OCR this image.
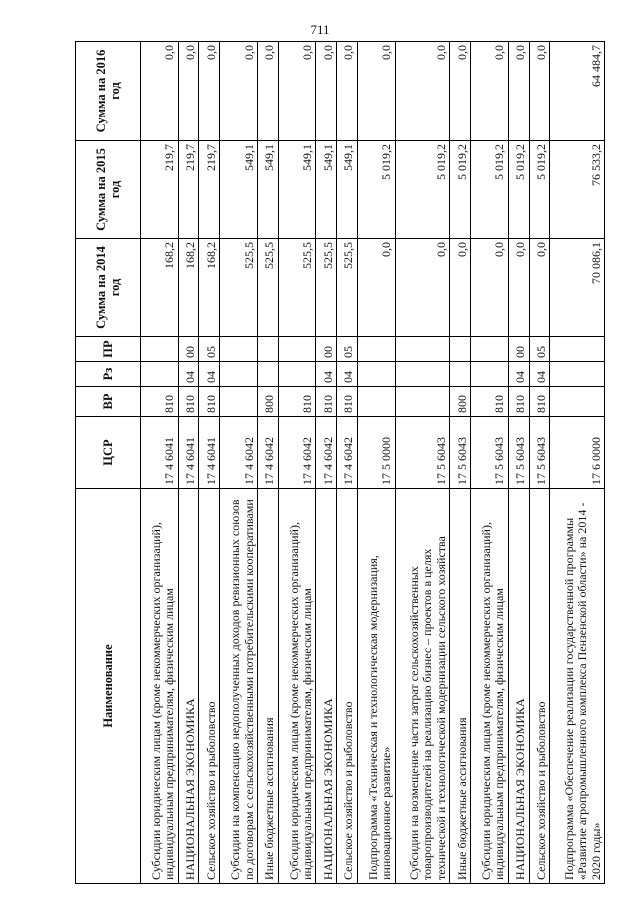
711
Наименование	ЦСР	ВР	Рз	ПР	Сумма на 2014 год	Сумма на 2015 год	Сумма на 2016 год
Субсидии юридическим лицам (кроме некоммерческих организаций), индивидуальным предпринимателям, физическим лицам	17 4 6041	810			168,2	219,7	0,0
НАЦИОНАЛЬНАЯ ЭКОНОМИКА	17 4 6041	810	04	00	168,2	219,7	0,0
Сельское хозяйство и рыболовство	17 4 6041	810	04	05	168,2	219,7	0,0
Субсидии на компенсацию недополученных доходов ревизионных союзов по договорам с сельскохозяйственными потребительскими кооперативами	17 4 6042				525,5	549,1	0,0
Иные бюджетные ассигнования	17 4 6042	800			525,5	549,1	0,0
Субсидии юридическим лицам (кроме некоммерческих организаций), индивидуальным предпринимателям, физическим лицам	17 4 6042	810			525,5	549,1	0,0
НАЦИОНАЛЬНАЯ ЭКОНОМИКА	17 4 6042	810	04	00	525,5	549,1	0,0
Сельское хозяйство и рыболовство	17 4 6042	810	04	05	525,5	549,1	0,0
Подпрограмма «Техническая и технологическая модернизация, инновационное развитие»	17 5 0000				0,0	5 019,2	0,0
Субсидии на возмещение части затрат сельскохозяйственных товаропроизводителей на реализацию бизнес – проектов в целях технической и технологической модернизации сельского хозяйства	17 5 6043				0,0	5 019,2	0,0
Иные бюджетные ассигнования	17 5 6043	800			0,0	5 019,2	0,0
Субсидии юридическим лицам (кроме некоммерческих организаций), индивидуальным предпринимателям, физическим лицам	17 5 6043	810			0,0	5 019,2	0,0
НАЦИОНАЛЬНАЯ ЭКОНОМИКА	17 5 6043	810	04	00	0,0	5 019,2	0,0
Сельское хозяйство и рыболовство	17 5 6043	810	04	05	0,0	5 019,2	0,0
Подпрограмма «Обеспечение реализации государственной программы «Развитие агропромышленного комплекса Пензенской области» на 2014 - 2020 годы»	17 6 0000				70 086,1	76 533,2	64 484,7
